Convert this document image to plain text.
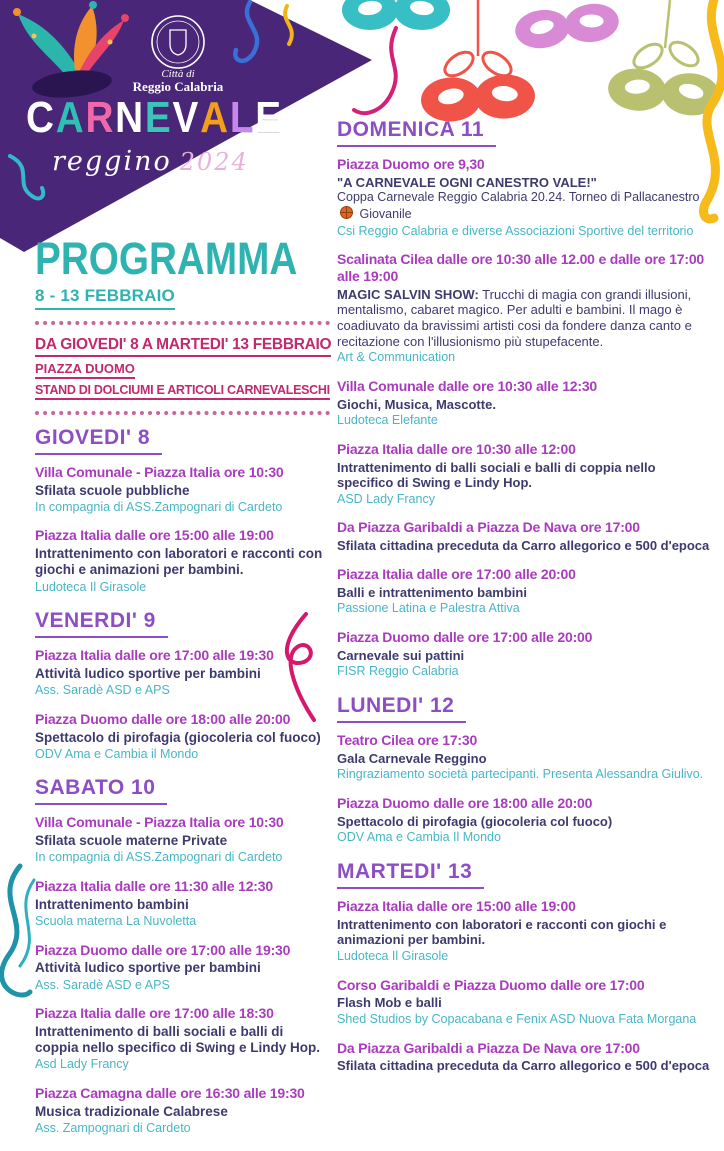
Città di
Reggio Calabria
CARNEVALE
reggino 2024
PROGRAMMA
8 - 13 FEBBRAIO
DA GIOVEDI' 8 A MARTEDI' 13 FEBBRAIO
PIAZZA DUOMO
STAND DI DOLCIUMI E ARTICOLI CARNEVALESCHI
GIOVEDI' 8
Villa Comunale - Piazza Italia ore 10:30
Sfilata scuole pubbliche
In compagnia di ASS.Zampognari di Cardeto
Piazza Italia dalle ore 15:00 alle 19:00
Intrattenimento con laboratori e racconti con giochi e animazioni per bambini.
Ludoteca Il Girasole
VENERDI' 9
Piazza Italia dalle ore 17:00 alle 19:30
Attività ludico sportive per bambini
Ass. Saradè ASD e APS
Piazza Duomo dalle ore 18:00 alle 20:00
Spettacolo di pirofagia (giocoleria col fuoco)
ODV Ama e Cambia il Mondo
SABATO 10
Villa Comunale - Piazza Italia ore 10:30
Sfilata scuole materne Private
In compagnia di ASS.Zampognari di Cardeto
Piazza Italia dalle ore 11:30 alle 12:30
Intrattenimento bambini
Scuola materna La Nuvoletta
Piazza Duomo dalle ore 17:00 alle 19:30
Attività ludico sportive per bambini
Ass. Saradè ASD e APS
Piazza Italia dalle ore 17:00 alle 18:30
Intrattenimento di balli sociali e balli di coppia nello specifico di Swing e Lindy Hop.
Asd Lady Francy
Piazza Camagna dalle ore 16:30 alle 19:30
Musica tradizionale Calabrese
Ass. Zampognari di Cardeto
DOMENICA 11
Piazza Duomo ore 9,30
"A CARNEVALE OGNI CANESTRO VALE!"
Coppa Carnevale Reggio Calabria 20.24. Torneo di Pallacanestro Giovanile
Csi Reggio Calabria e diverse Associazioni Sportive del territorio
Scalinata Cilea dalle ore 10:30 alle 12.00 e dalle ore 17:00 alle 19:00
MAGIC SALVIN SHOW: Trucchi di magia con grandi illusioni, mentalismo, cabaret magico. Per adulti e bambini. Il mago è coadiuvato da bravissimi artisti cosi da fondere danza canto e recitazione con l'illusionismo più stupefacente.
Art & Communication
Villa Comunale dalle ore 10:30 alle 12:30
Giochi, Musica, Mascotte.
Ludoteca Elefante
Piazza Italia dalle ore 10:30 alle 12:00
Intrattenimento di balli sociali e balli di coppia nello specifico di Swing e Lindy Hop.
ASD Lady Francy
Da Piazza Garibaldi a Piazza De Nava ore 17:00
Sfilata cittadina preceduta da Carro allegorico e 500 d'epoca
Piazza Italia dalle ore 17:00 alle 20:00
Balli e intrattenimento bambini
Passione Latina e Palestra Attiva
Piazza Duomo dalle ore 17:00 alle 20:00
Carnevale sui pattini
FISR Reggio Calabria
LUNEDI' 12
Teatro Cilea ore 17:30
Gala Carnevale Reggino
Ringraziamento società partecipanti. Presenta Alessandra Giulivo.
Piazza Duomo dalle ore 18:00 alle 20:00
Spettacolo di pirofagia (giocoleria col fuoco)
ODV Ama e Cambia Il Mondo
MARTEDI' 13
Piazza Italia dalle ore 15:00 alle 19:00
Intrattenimento con laboratori e racconti con giochi e animazioni per bambini.
Ludoteca Il Girasole
Corso Garibaldi e Piazza Duomo dalle ore 17:00
Flash Mob e balli
Shed Studios by Copacabana e Fenix ASD Nuova Fata Morgana
Da Piazza Garibaldi a Piazza De Nava ore 17:00
Sfilata cittadina preceduta da Carro allegorico e 500 d'epoca
